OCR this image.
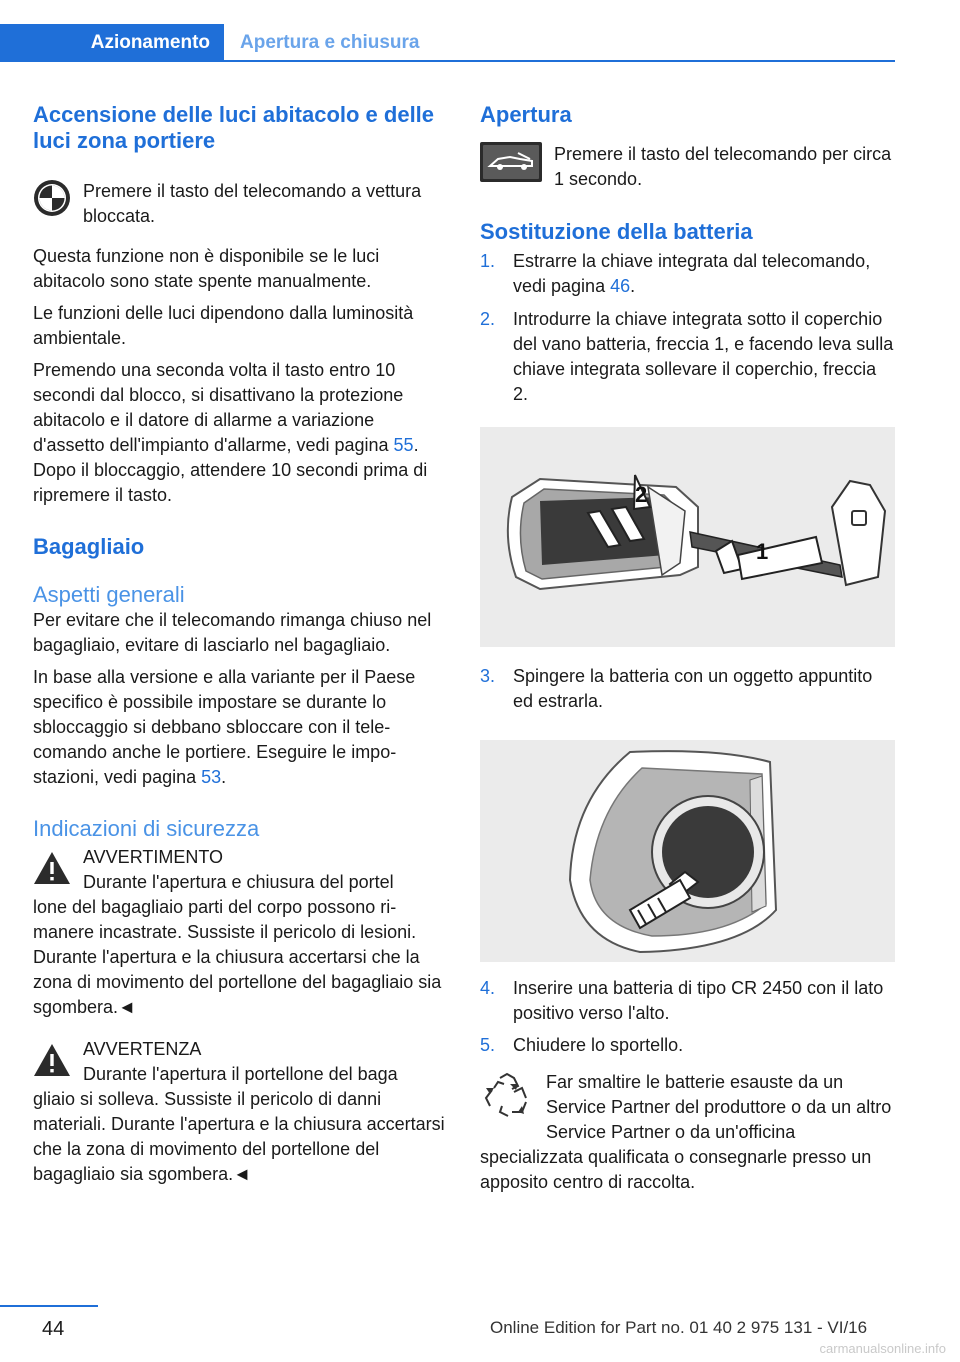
Azionamento	Apertura e chiusura
Accensione delle luci abitacolo e delle luci zona portiere

Premere il tasto del telecomando a vettura bloccata.

Questa funzione non è disponibile se le luci abitacolo sono state spente manualmente.

Le funzioni delle luci dipendono dalla luminosità ambientale.

Premendo una seconda volta il tasto entro 10 secondi dal blocco, si disattivano la protezione abitacolo e il datore di allarme a variazione d'assetto dell'impianto d'allarme, vedi pagina 55. Dopo il bloccaggio, attendere 10 secondi prima di ripremere il tasto.

Bagagliaio
Aspetti generali

Per evitare che il telecomando rimanga chiuso nel bagagliaio, evitare di lasciarlo nel bagagliaio.

In base alla versione e alla variante per il Paese specifico è possibile impostare se durante lo sbloccaggio si debbano sbloccare con il telecomando anche le portiere. Eseguire le impostazioni, vedi pagina 53.

Indicazioni di sicurezza

AVVERTIMENTO

Durante l'apertura e chiusura del portel

lone del bagagliaio parti del corpo possono rimanere incastrate. Sussiste il pericolo di lesioni. Durante l'apertura e la chiusura accertarsi che la zona di movimento del portellone del bagagliaio sia sgombera.◄

AVVERTENZA

Durante l'apertura il portellone del baga

gliaio si solleva. Sussiste il pericolo di danni materiali. Durante l'apertura e la chiusura accertarsi che la zona di movimento del portellone del bagagliaio sia sgombera.◄

Apertura

Premere il tasto del telecomando per circa 1 secondo.

Sostituzione della batteria
1. Estrarre la chiave integrata dal telecomando, vedi pagina 46.
2. Introdurre la chiave integrata sotto il coperchio del vano batteria, freccia 1, e facendo leva sulla chiave integrata sollevare il coperchio, freccia 2.
2
1
3. Spingere la batteria con un oggetto appuntito ed estrarla.
4. Inserire una batteria di tipo CR 2450 con il lato positivo verso l'alto.
5. Chiudere lo sportello.

Far smaltire le batterie esauste da un Service Partner del produttore o da un altro Service Partner o da un'officina

specializzata qualificata o consegnarle presso un apposito centro di raccolta.

44	Online Edition for Part no. 01 40 2 975 131 - VI/16
carmanualsonline.info
